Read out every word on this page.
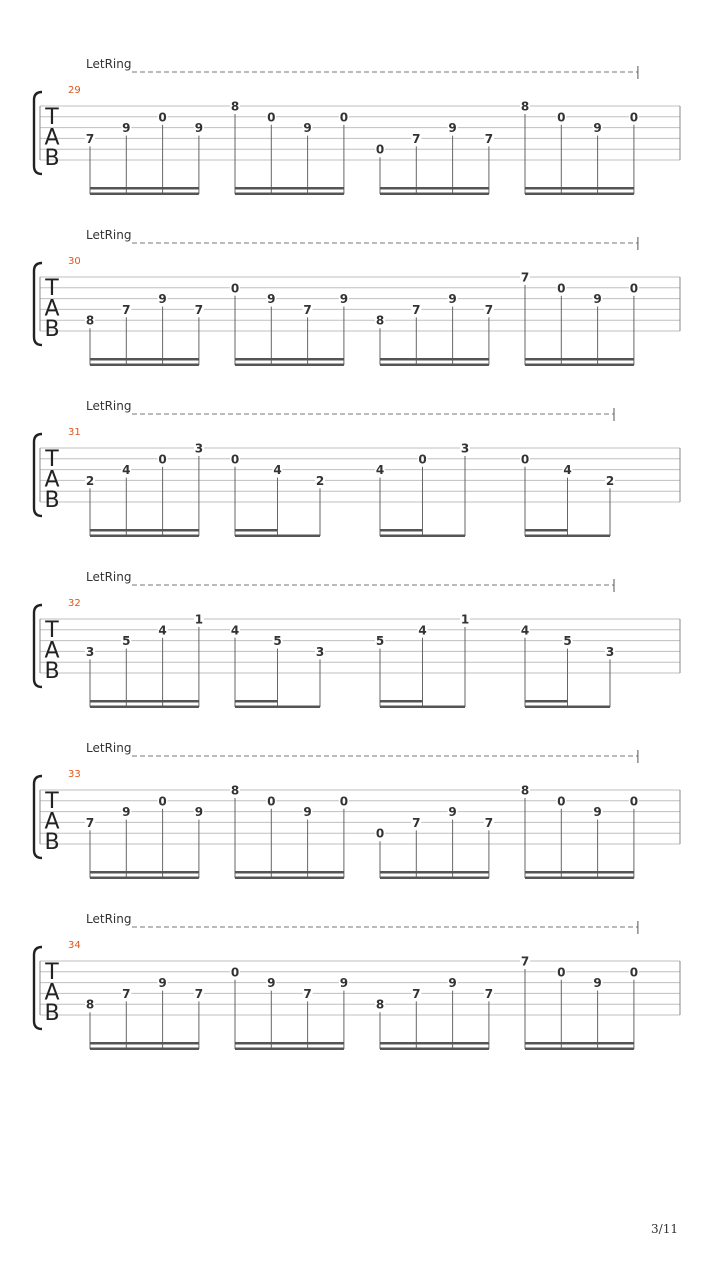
LetRing
29
T
A
B
7
9
0
9
8
0
9
0
0
7
9
7
8
0
9
0
LetRing
30
T
A
B 8
7
9
7
0
9
7
9
8
7
9
7
7
0
9
0
LetRing
31
T
A
B
2
4
0
3
0
4
2
4
0
3
0
4
2
LetRing
32
T
A
B
3
5
4
1
4
5
3
5
4
1
4
5
3
LetRing
33
T
A
B
7
9
0
9
8
0
9
0
0
7
9
7
8
0
9
0
LetRing
34
T
A
B 8
7
9
7
0
9
7
9
8
7
9
7
7
0
9
0
3/11
